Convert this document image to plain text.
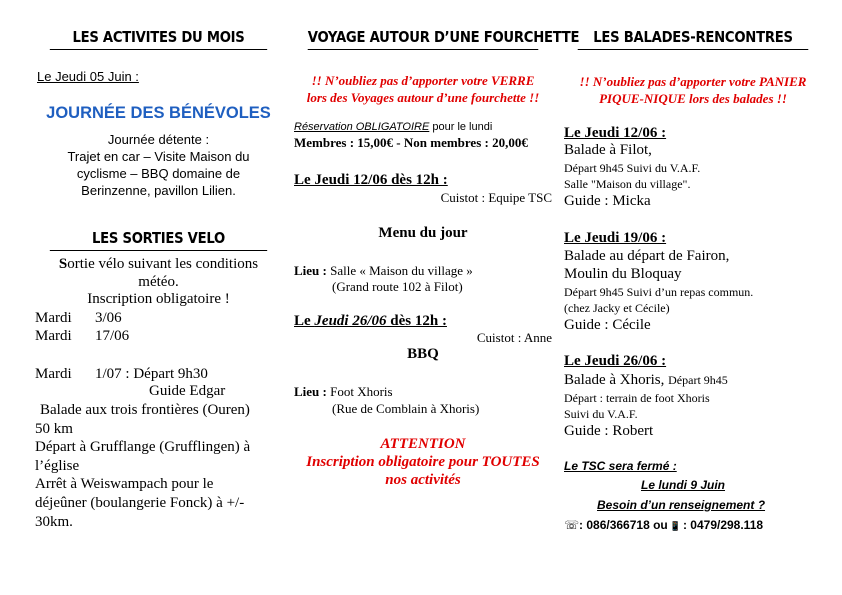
LES ACTIVITES DU MOIS
Le Jeudi 05 Juin :
JOURNÉE DES BÉNÉVOLES
Journée détente :
Trajet en car – Visite Maison du
cyclisme – BBQ domaine de
Berinzenne, pavillon Lilien.
LES SORTIES VELO
Sortie vélo suivant les conditions
météo.
Inscription obligatoire !
Mardi 3/06
Mardi 17/06
Mardi 1/07 : Départ 9h30
Guide Edgar
Balade aux trois frontières (Ouren)
50 km
Départ à Grufflange (Grufflingen) à
l’église
Arrêt à Weiswampach pour le
déjeûner (boulangerie Fonck) à +/-
30km.
VOYAGE AUTOUR D’UNE FOURCHETTE
!! N’oubliez pas d’apporter votre VERRE
lors des Voyages autour d’une fourchette !!
Réservation OBLIGATOIRE pour le lundi
Membres : 15,00€ - Non membres : 20,00€
Le Jeudi 12/06 dès 12h :
Cuistot : Equipe TSC
Menu du jour
Lieu : Salle « Maison du village »
(Grand route 102 à Filot)
Le Jeudi 26/06 dès 12h :
Cuistot : Anne
BBQ
Lieu : Foot Xhoris
(Rue de Comblain à Xhoris)
ATTENTION
Inscription obligatoire pour TOUTES
nos activités
LES BALADES-RENCONTRES
!! N’oubliez pas d’apporter votre PANIER
PIQUE-NIQUE lors des balades !!
Le Jeudi 12/06 :
Balade à Filot,
Départ 9h45 Suivi du V.A.F.
Salle "Maison du village".
Guide : Micka
Le Jeudi 19/06 :
Balade au départ de Fairon,
Moulin du Bloquay
Départ 9h45 Suivi d’un repas commun.
(chez Jacky et Cécile)
Guide : Cécile
Le Jeudi 26/06 :
Balade à Xhoris, Départ 9h45
Départ : terrain de foot Xhoris
Suivi du V.A.F.
Guide : Robert
Le TSC sera fermé :
Le lundi 9 Juin
Besoin d’un renseignement ?
☏: 086/366718 ou 📱 : 0479/298.118
